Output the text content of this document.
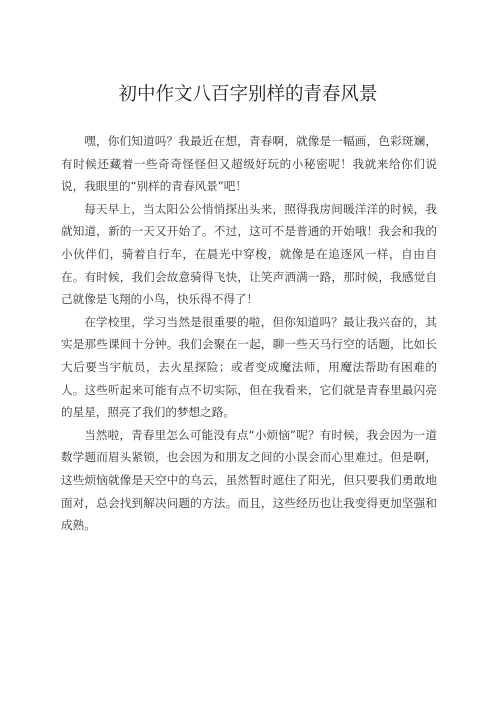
初中作文八百字别样的青春风景

嘿，你们知道吗？我最近在想，青春啊，就像是一幅画，色彩斑斓，有时候还藏着一些奇奇怪怪但又超级好玩的小秘密呢！我就来给你们说说，我眼里的“别样的青春风景”吧！

每天早上，当太阳公公悄悄探出头来，照得我房间暖洋洋的时候，我就知道，新的一天又开始了。不过，这可不是普通的开始哦！我会和我的小伙伴们，骑着自行车，在晨光中穿梭，就像是在追逐风一样，自由自在。有时候，我们会故意骑得飞快，让笑声洒满一路，那时候，我感觉自己就像是飞翔的小鸟，快乐得不得了！

在学校里，学习当然是很重要的啦，但你知道吗？最让我兴奋的，其实是那些课间十分钟。我们会聚在一起，聊一些天马行空的话题，比如长大后要当宇航员，去火星探险；或者变成魔法师，用魔法帮助有困难的人。这些听起来可能有点不切实际，但在我看来，它们就是青春里最闪亮的星星，照亮了我们的梦想之路。

当然啦，青春里怎么可能没有点“小烦恼”呢？有时候，我会因为一道数学题而眉头紧锁，也会因为和朋友之间的小误会而心里难过。但是啊，这些烦恼就像是天空中的乌云，虽然暂时遮住了阳光，但只要我们勇敢地面对，总会找到解决问题的方法。而且，这些经历也让我变得更加坚强和成熟。
